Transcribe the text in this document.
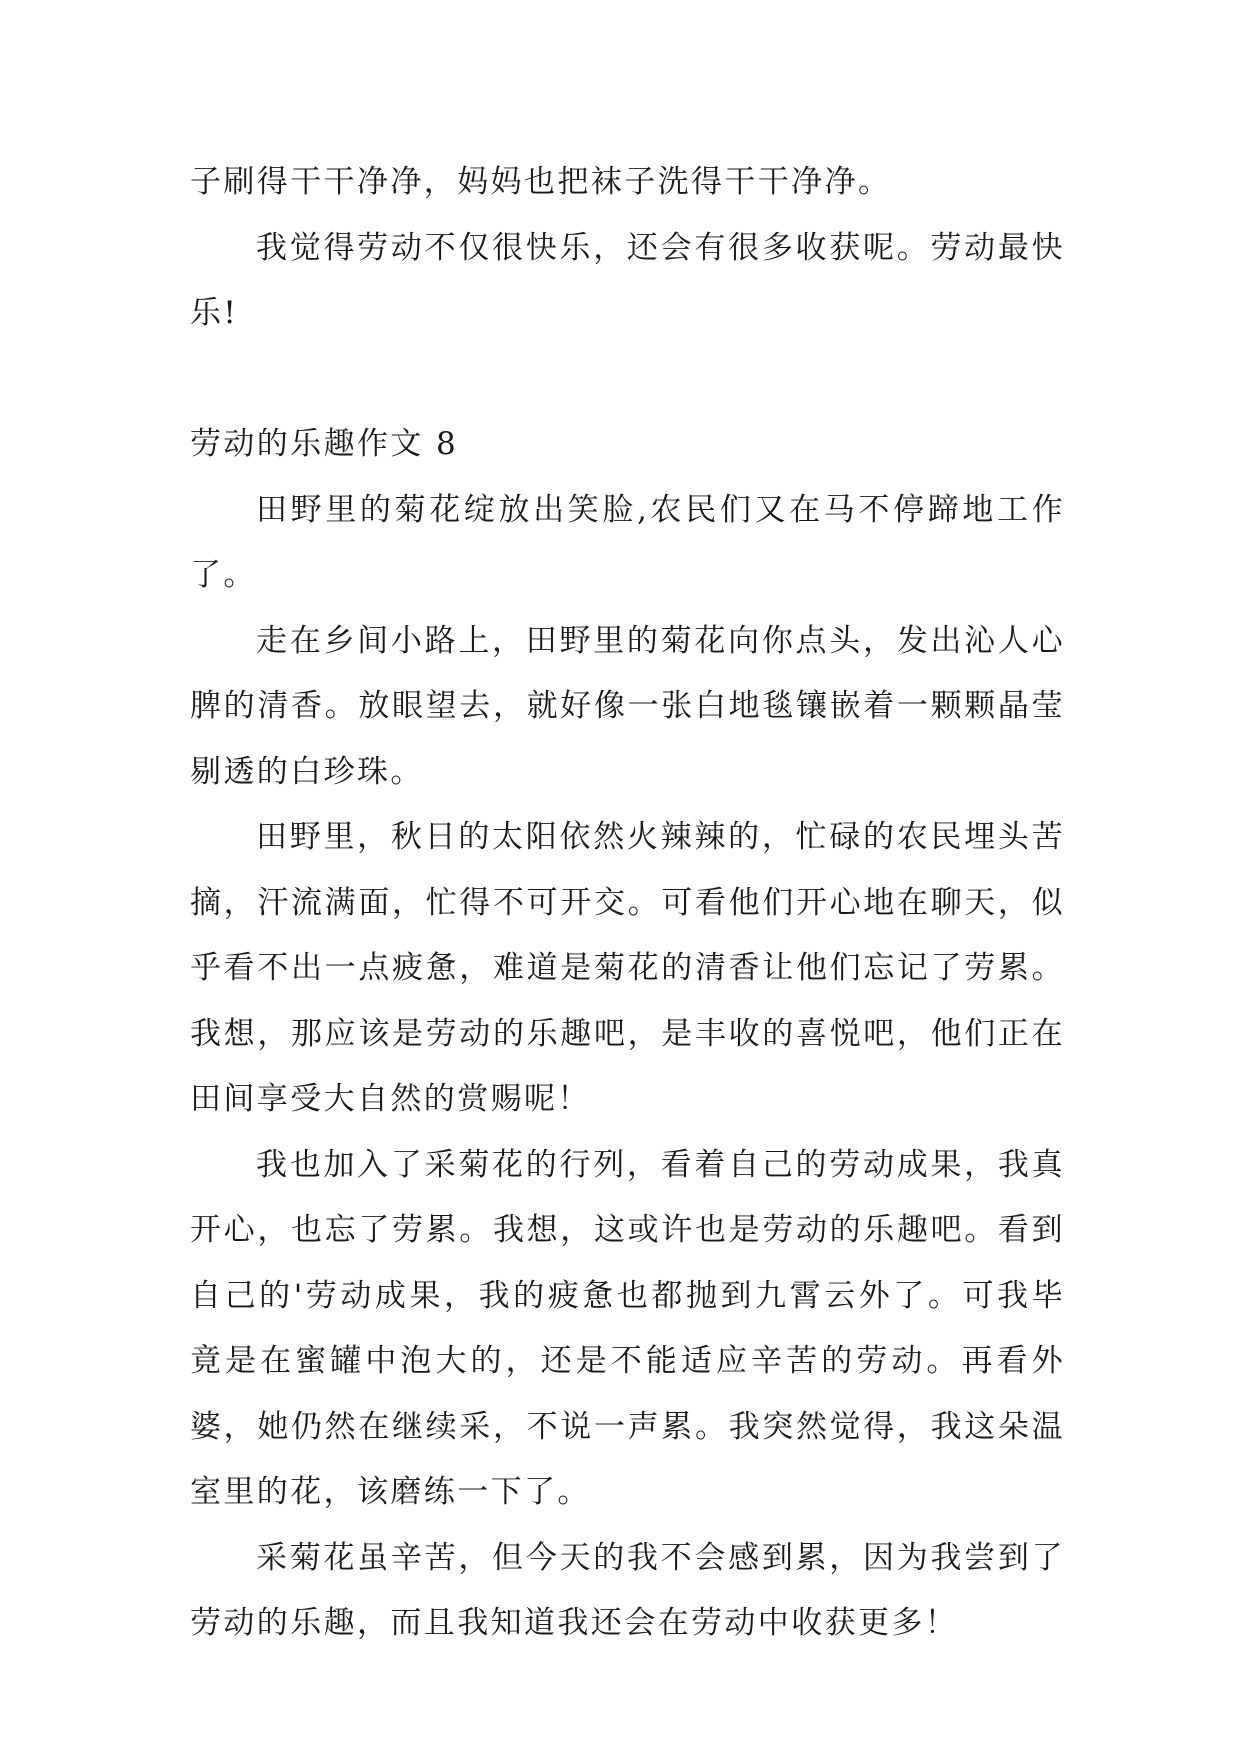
子刷得干干净净，妈妈也把袜子洗得干干净净。

我觉得劳动不仅很快乐，还会有很多收获呢。劳动最快乐!

劳动的乐趣作文 8

田野里的菊花绽放出笑脸,农民们又在马不停蹄地工作了。

走在乡间小路上，田野里的菊花向你点头，发出沁人心脾的清香。放眼望去，就好像一张白地毯镶嵌着一颗颗晶莹剔透的白珍珠。

田野里，秋日的太阳依然火辣辣的，忙碌的农民埋头苦摘，汗流满面，忙得不可开交。可看他们开心地在聊天，似乎看不出一点疲惫，难道是菊花的清香让他们忘记了劳累。我想，那应该是劳动的乐趣吧，是丰收的喜悦吧，他们正在田间享受大自然的赏赐呢！

我也加入了采菊花的行列，看着自己的劳动成果，我真开心，也忘了劳累。我想，这或许也是劳动的乐趣吧。看到自己的'劳动成果，我的疲惫也都抛到九霄云外了。可我毕竟是在蜜罐中泡大的，还是不能适应辛苦的劳动。再看外婆，她仍然在继续采，不说一声累。我突然觉得，我这朵温室里的花，该磨练一下了。

采菊花虽辛苦，但今天的我不会感到累，因为我尝到了劳动的乐趣，而且我知道我还会在劳动中收获更多！
